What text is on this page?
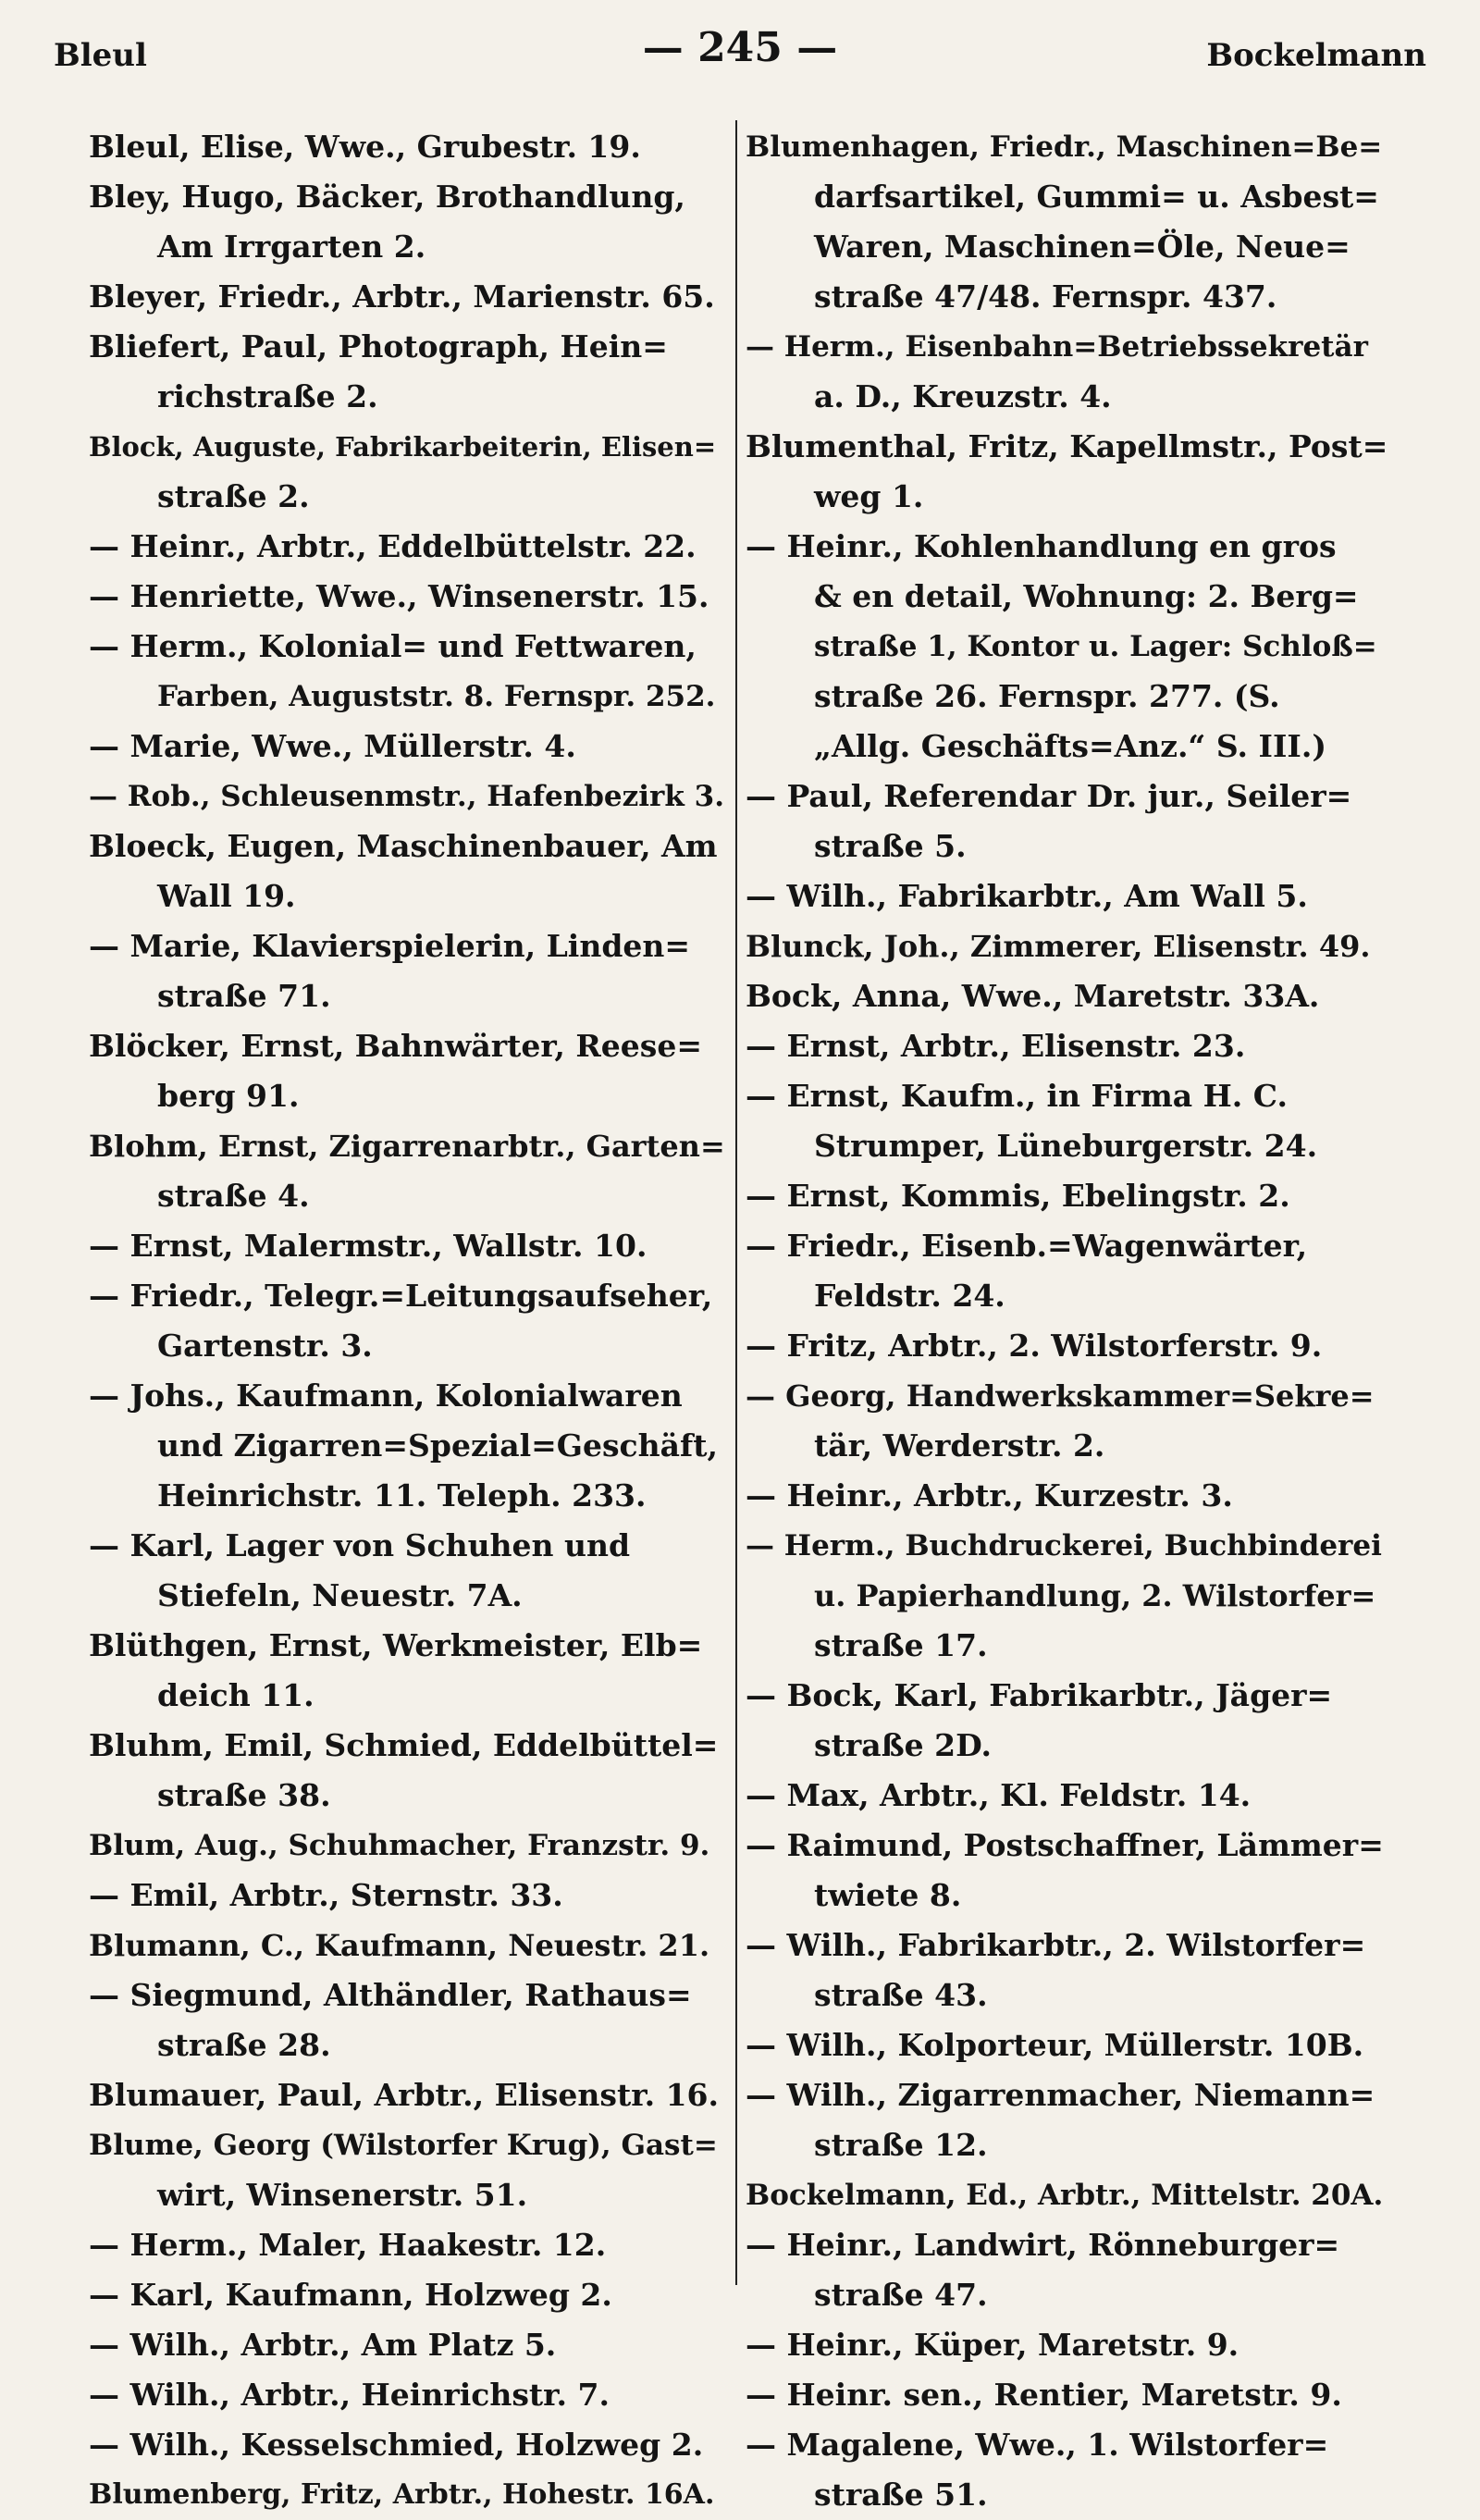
Bleul	— 245 —	Bockelmann
Bleul, Elise, Wwe., Grubestr. 19.
Bley, Hugo, Bäcker, Brothandlung,
Am Irrgarten 2.
Bleyer, Friedr., Arbtr., Marienstr. 65.
Bliefert, Paul, Photograph, Hein=
richstraße 2.
Block, Auguste, Fabrikarbeiterin, Elisen=
straße 2.
— Heinr., Arbtr., Eddelbüttelstr. 22.
— Henriette, Wwe., Winsenerstr. 15.
— Herm., Kolonial= und Fettwaren,
Farben, Auguststr. 8. Fernspr. 252.
— Marie, Wwe., Müllerstr. 4.
— Rob., Schleusenmstr., Hafenbezirk 3.
Bloeck, Eugen, Maschinenbauer, Am
Wall 19.
— Marie, Klavierspielerin, Linden=
straße 71.
Blöcker, Ernst, Bahnwärter, Reese=
berg 91.
Blohm, Ernst, Zigarrenarbtr., Garten=
straße 4.
— Ernst, Malermstr., Wallstr. 10.
— Friedr., Telegr.=Leitungsaufseher,
Gartenstr. 3.
— Johs., Kaufmann, Kolonialwaren
und Zigarren=Spezial=Geschäft,
Heinrichstr. 11. Teleph. 233.
— Karl, Lager von Schuhen und
Stiefeln, Neuestr. 7A.
Blüthgen, Ernst, Werkmeister, Elb=
deich 11.
Bluhm, Emil, Schmied, Eddelbüttel=
straße 38.
Blum, Aug., Schuhmacher, Franzstr. 9.
— Emil, Arbtr., Sternstr. 33.
Blumann, C., Kaufmann, Neuestr. 21.
— Siegmund, Althändler, Rathaus=
straße 28.
Blumauer, Paul, Arbtr., Elisenstr. 16.
Blume, Georg (Wilstorfer Krug), Gast=
wirt, Winsenerstr. 51.
— Herm., Maler, Haakestr. 12.
— Karl, Kaufmann, Holzweg 2.
— Wilh., Arbtr., Am Platz 5.
— Wilh., Arbtr., Heinrichstr. 7.
— Wilh., Kesselschmied, Holzweg 2.
Blumenberg, Fritz, Arbtr., Hohestr. 16A.
Blumenhagen, Friedr., Maschinen=Be=
darfsartikel, Gummi= u. Asbest=
Waren, Maschinen=Öle, Neue=
straße 47/48. Fernspr. 437.
— Herm., Eisenbahn=Betriebssekretär
a. D., Kreuzstr. 4.
Blumenthal, Fritz, Kapellmstr., Post=
weg 1.
— Heinr., Kohlenhandlung en gros
& en detail, Wohnung: 2. Berg=
straße 1, Kontor u. Lager: Schloß=
straße 26. Fernspr. 277. (S.
„Allg. Geschäfts=Anz.“ S. III.)
— Paul, Referendar Dr. jur., Seiler=
straße 5.
— Wilh., Fabrikarbtr., Am Wall 5.
Blunck, Joh., Zimmerer, Elisenstr. 49.
Bock, Anna, Wwe., Maretstr. 33A.
— Ernst, Arbtr., Elisenstr. 23.
— Ernst, Kaufm., in Firma H. C.
Strumper, Lüneburgerstr. 24.
— Ernst, Kommis, Ebelingstr. 2.
— Friedr., Eisenb.=Wagenwärter,
Feldstr. 24.
— Fritz, Arbtr., 2. Wilstorferstr. 9.
— Georg, Handwerkskammer=Sekre=
tär, Werderstr. 2.
— Heinr., Arbtr., Kurzestr. 3.
— Herm., Buchdruckerei, Buchbinderei
u. Papierhandlung, 2. Wilstorfer=
straße 17.
— Bock, Karl, Fabrikarbtr., Jäger=
straße 2D.
— Max, Arbtr., Kl. Feldstr. 14.
— Raimund, Postschaffner, Lämmer=
twiete 8.
— Wilh., Fabrikarbtr., 2. Wilstorfer=
straße 43.
— Wilh., Kolporteur, Müllerstr. 10B.
— Wilh., Zigarrenmacher, Niemann=
straße 12.
Bockelmann, Ed., Arbtr., Mittelstr. 20A.
— Heinr., Landwirt, Rönneburger=
straße 47.
— Heinr., Küper, Maretstr. 9.
— Heinr. sen., Rentier, Maretstr. 9.
— Magalene, Wwe., 1. Wilstorfer=
straße 51.
